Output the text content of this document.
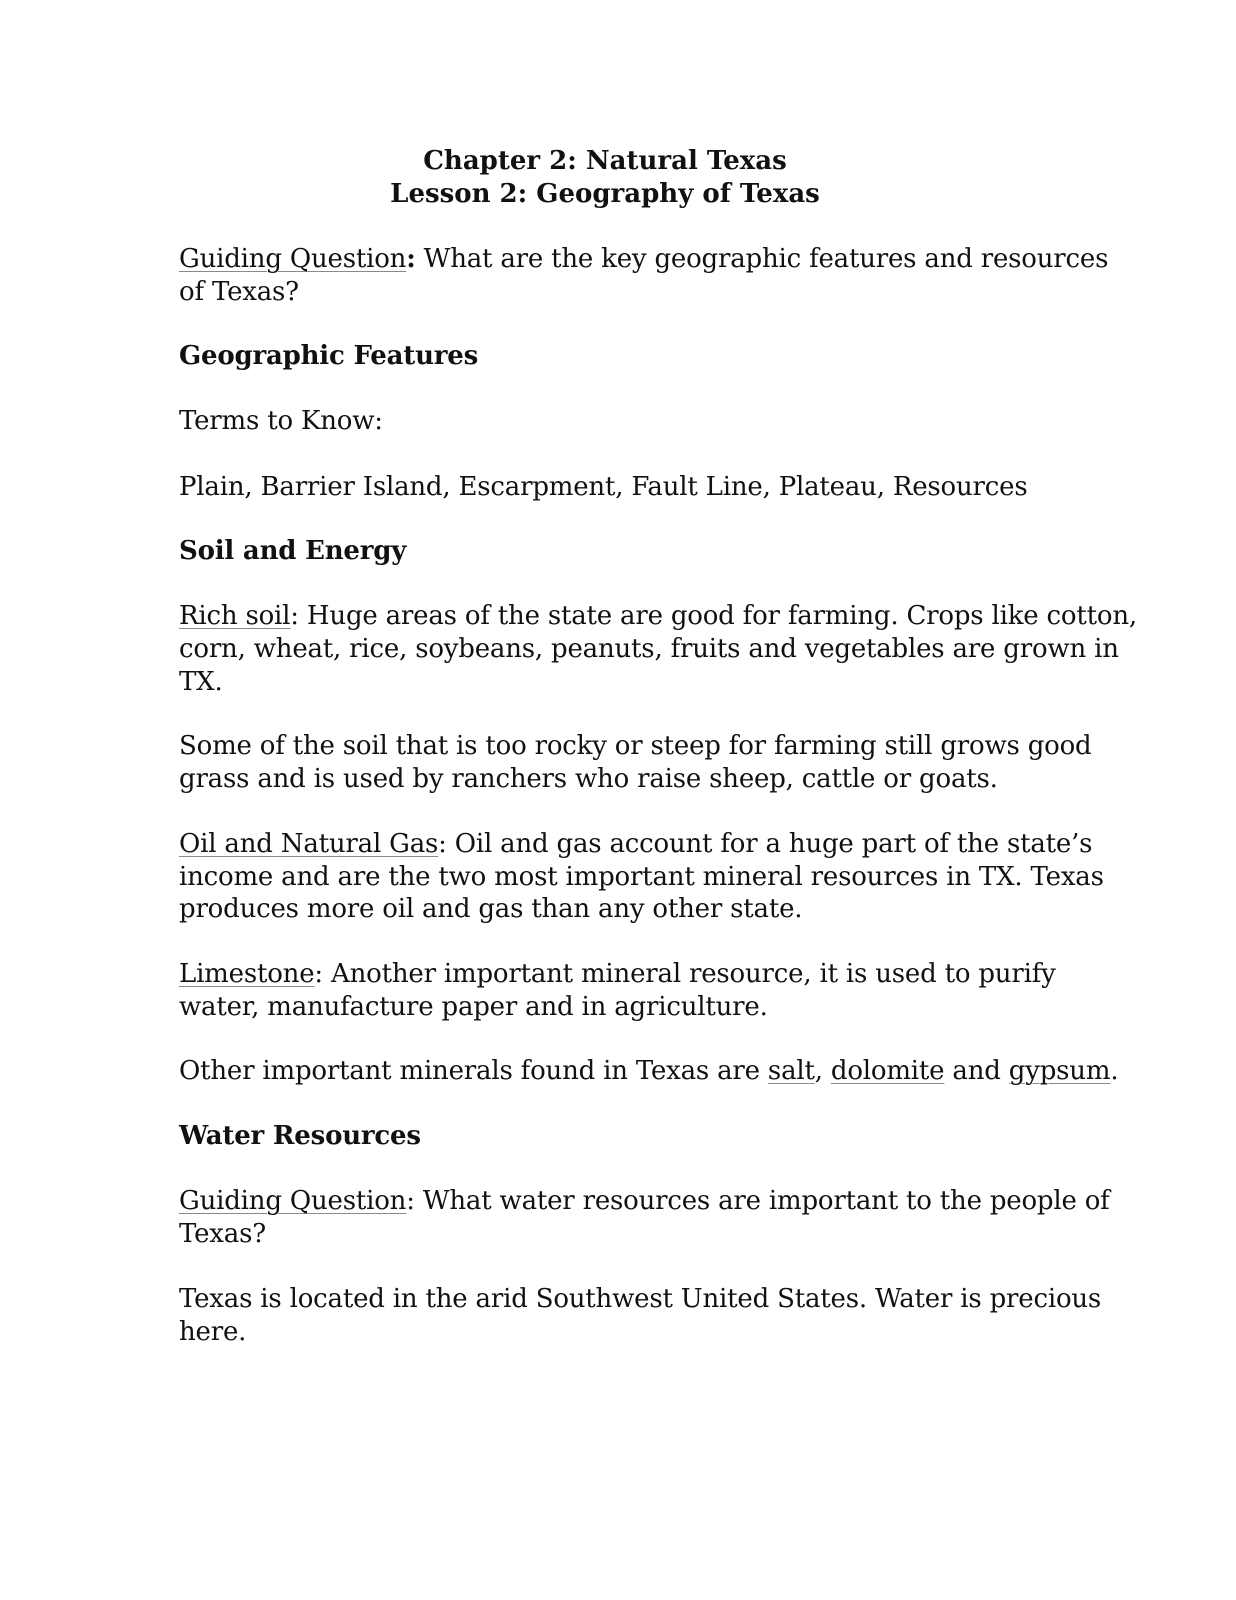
Chapter 2: Natural Texas
Lesson 2: Geography of Texas
Guiding Question: What are the key geographic features and resources
of Texas?
Geographic Features
Terms to Know:
Plain, Barrier Island, Escarpment, Fault Line, Plateau, Resources
Soil and Energy
Rich soil: Huge areas of the state are good for farming. Crops like cotton,
corn, wheat, rice, soybeans, peanuts, fruits and vegetables are grown in
TX.
Some of the soil that is too rocky or steep for farming still grows good
grass and is used by ranchers who raise sheep, cattle or goats.
Oil and Natural Gas: Oil and gas account for a huge part of the state’s
income and are the two most important mineral resources in TX. Texas
produces more oil and gas than any other state.
Limestone: Another important mineral resource, it is used to purify
water, manufacture paper and in agriculture.
Other important minerals found in Texas are salt, dolomite and gypsum.
Water Resources
Guiding Question: What water resources are important to the people of
Texas?
Texas is located in the arid Southwest United States. Water is precious
here.
